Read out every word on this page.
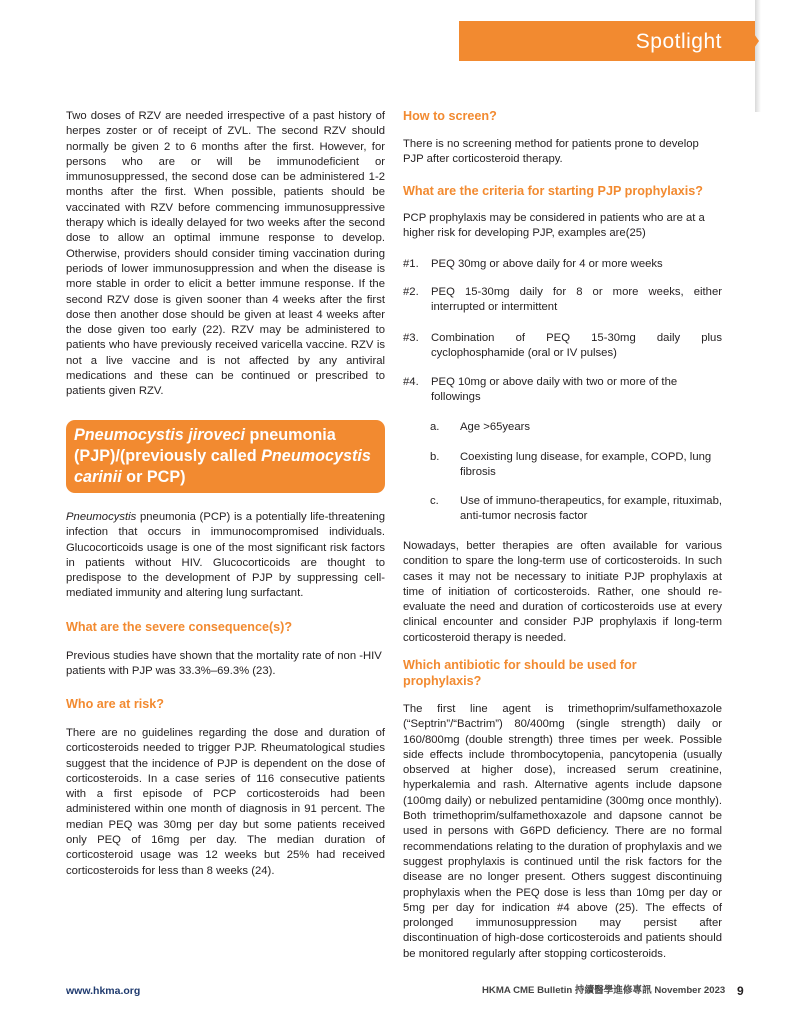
Spotlight

Two doses of RZV are needed irrespective of a past history of herpes zoster or of receipt of ZVL. The second RZV should normally be given 2 to 6 months after the first. However, for persons who are or will be immunodeficient or immunosuppressed, the second dose can be administered 1-2 months after the first. When possible, patients should be vaccinated with RZV before commencing immunosuppressive therapy which is ideally delayed for two weeks after the second dose to allow an optimal immune response to develop. Otherwise, providers should consider timing vaccination during periods of lower immunosuppression and when the disease is more stable in order to elicit a better immune response. If the second RZV dose is given sooner than 4 weeks after the first dose then another dose should be given at least 4 weeks after the dose given too early (22). RZV may be administered to patients who have previously received varicella vaccine. RZV is not a live vaccine and is not affected by any antiviral medications and these can be continued or prescribed to patients given RZV.

Pneumocystis jiroveci pneumonia (PJP)/(previously called Pneumocystis carinii or PCP)

Pneumocystis pneumonia (PCP) is a potentially life-threatening infection that occurs in immunocompromised individuals. Glucocorticoids usage is one of the most significant risk factors in patients without HIV. Glucocorticoids are thought to predispose to the development of PJP by suppressing cell-mediated immunity and altering lung surfactant.

What are the severe consequence(s)?

Previous studies have shown that the mortality rate of non -HIV patients with PJP was 33.3%–69.3% (23).

Who are at risk?

There are no guidelines regarding the dose and duration of corticosteroids needed to trigger PJP. Rheumatological studies suggest that the incidence of PJP is dependent on the dose of corticosteroids. In a case series of 116 consecutive patients with a first episode of PCP corticosteroids had been administered within one month of diagnosis in 91 percent. The median PEQ was 30mg per day but some patients received only PEQ of 16mg per day. The median duration of corticosteroid usage was 12 weeks but 25% had received corticosteroids for less than 8 weeks (24).

How to screen?

There is no screening method for patients prone to develop PJP after corticosteroid therapy.

What are the criteria for starting PJP prophylaxis?

PCP prophylaxis may be considered in patients who are at a higher risk for developing PJP, examples are(25)

#1. PEQ 30mg or above daily for 4 or more weeks
#2. PEQ 15-30mg daily for 8 or more weeks, either interrupted or intermittent
#3. Combination of PEQ 15-30mg daily plus cyclophosphamide (oral or IV pulses)
#4. PEQ 10mg or above daily with two or more of the followings
a. Age >65years
b. Coexisting lung disease, for example, COPD, lung fibrosis
c. Use of immuno-therapeutics, for example, rituximab, anti-tumor necrosis factor

Nowadays, better therapies are often available for various condition to spare the long-term use of corticosteroids. In such cases it may not be necessary to initiate PJP prophylaxis at time of initiation of corticosteroids. Rather, one should re-evaluate the need and duration of corticosteroids use at every clinical encounter and consider PJP prophylaxis if long-term corticosteroid therapy is needed.

Which antibiotic for should be used for prophylaxis?

The first line agent is trimethoprim/sulfamethoxazole (“Septrin”/“Bactrim”) 80/400mg (single strength) daily or 160/800mg (double strength) three times per week. Possible side effects include thrombocytopenia, pancytopenia (usually observed at higher dose), increased serum creatinine, hyperkalemia and rash. Alternative agents include dapsone (100mg daily) or nebulized pentamidine (300mg once monthly). Both trimethoprim/sulfamethoxazole and dapsone cannot be used in persons with G6PD deficiency. There are no formal recommendations relating to the duration of prophylaxis and we suggest prophylaxis is continued until the risk factors for the disease are no longer present. Others suggest discontinuing prophylaxis when the PEQ dose is less than 10mg per day or 5mg per day for indication #4 above (25). The effects of prolonged immunosuppression may persist after discontinuation of high-dose corticosteroids and patients should be monitored regularly after stopping corticosteroids.

www.hkma.org	HKMA CME Bulletin 持續醫學進修專訊 November 2023 9
